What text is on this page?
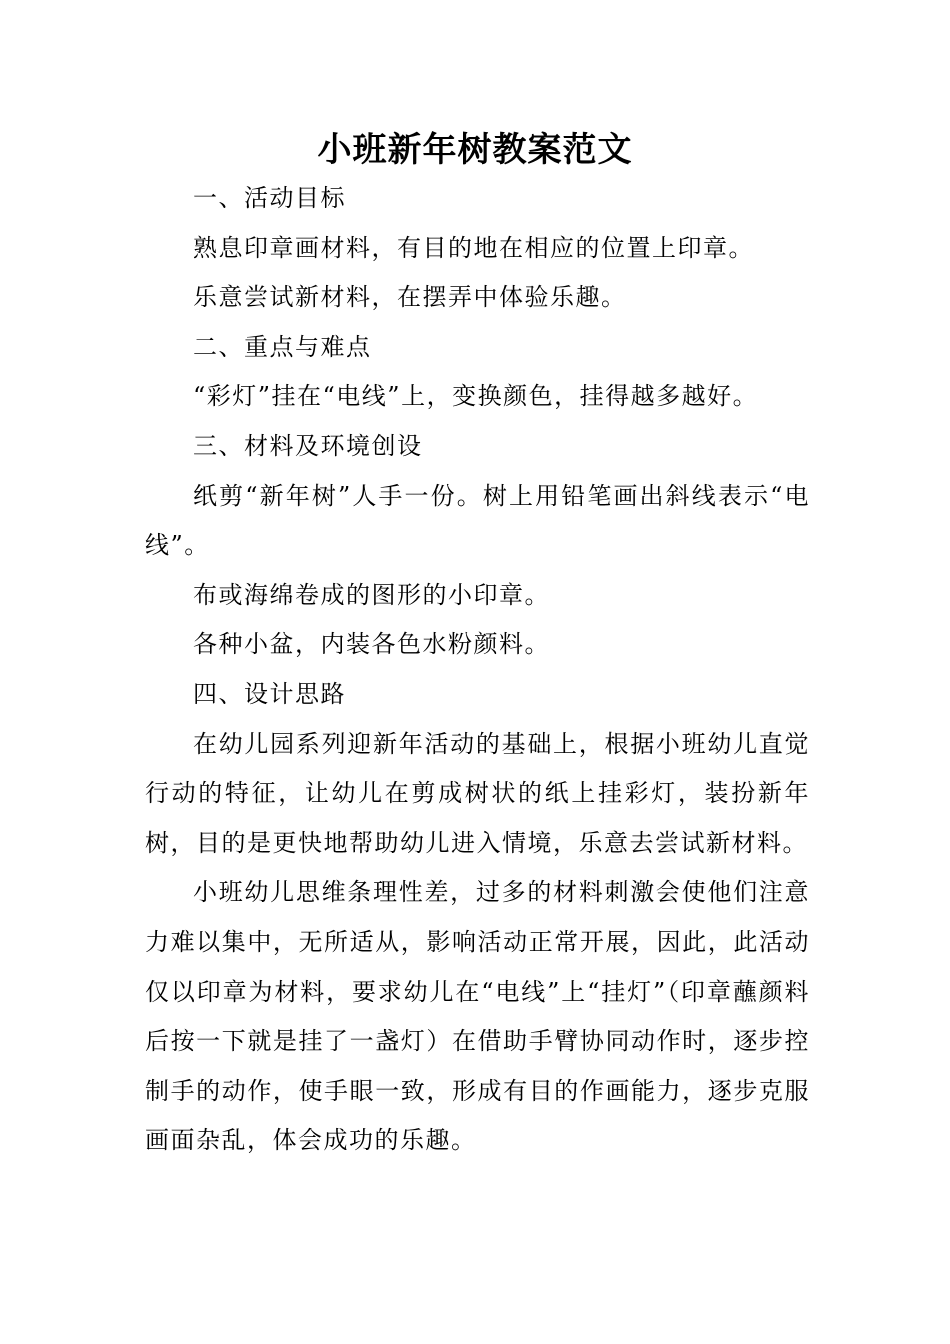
小班新年树教案范文

一、活动目标

熟息印章画材料，有目的地在相应的位置上印章。

乐意尝试新材料，在摆弄中体验乐趣。

二、重点与难点

“彩灯”挂在“电线”上，变换颜色，挂得越多越好。

三、材料及环境创设

纸剪“新年树”人手一份。树上用铅笔画出斜线表示“电线”。

布或海绵卷成的图形的小印章。

各种小盆，内装各色水粉颜料。

四、设计思路

在幼儿园系列迎新年活动的基础上，根据小班幼儿直觉行动的特征，让幼儿在剪成树状的纸上挂彩灯，装扮新年树，目的是更快地帮助幼儿进入情境，乐意去尝试新材料。

小班幼儿思维条理性差，过多的材料刺激会使他们注意力难以集中，无所适从，影响活动正常开展，因此，此活动仅以印章为材料，要求幼儿在“电线”上“挂灯”（印章蘸颜料后按一下就是挂了一盏灯）在借助手臂协同动作时，逐步控制手的动作，使手眼一致，形成有目的作画能力，逐步克服画面杂乱，体会成功的乐趣。
